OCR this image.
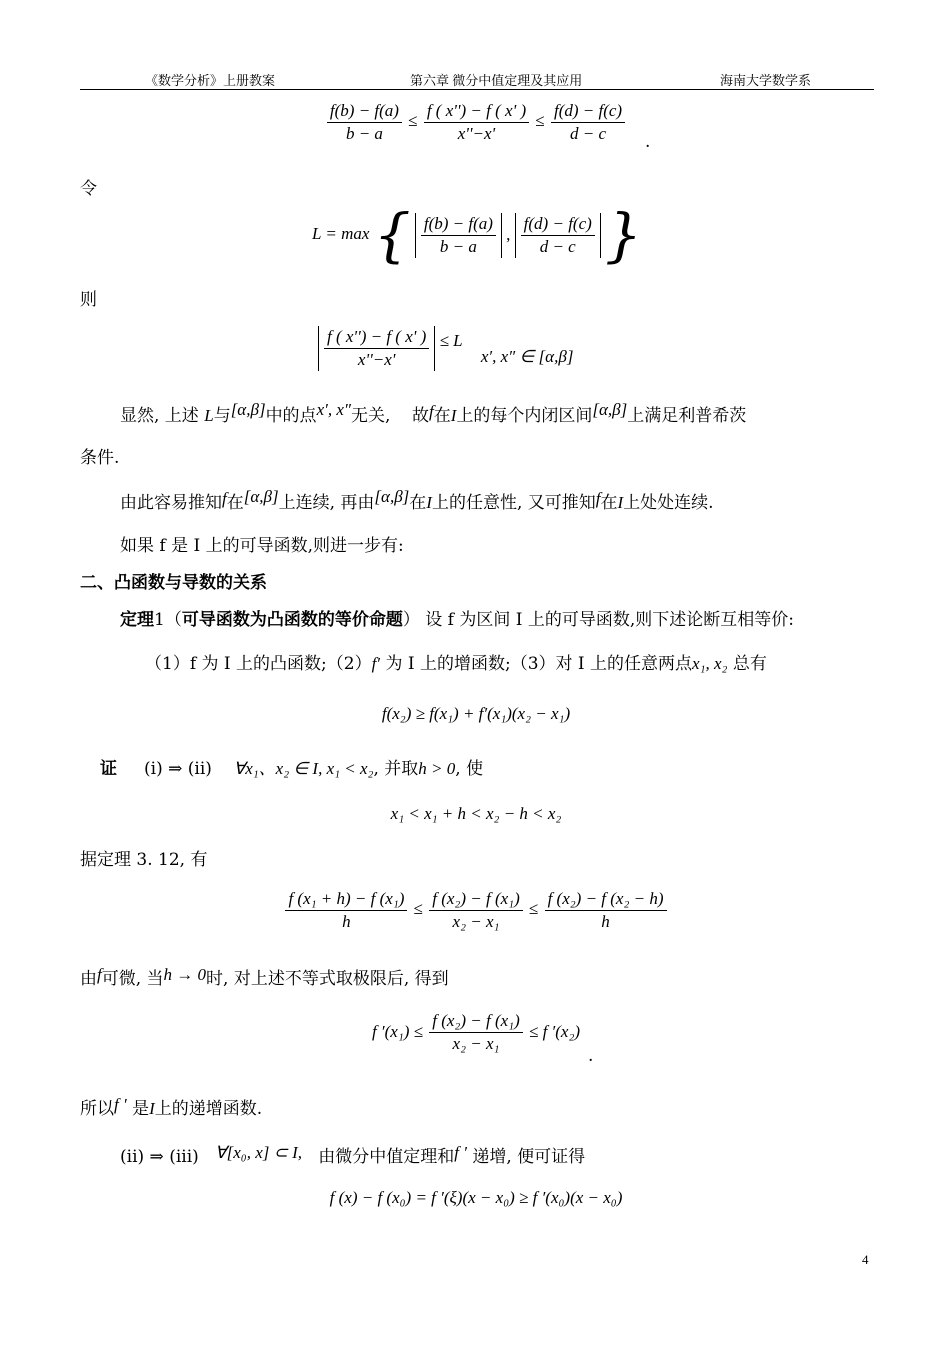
《数学分析》上册教案	第六章 微分中值定理及其应用	海南大学数学系
$\frac{f(b) - f(a)}{b - a} \le \frac{f ( x'') - f ( x' )}{x''-x'} \le \frac{f(d) - f(c)}{d - c}$ .
令
L = max { $\frac{f(b) - f(a)}{b - a}$ , $\frac{f(d) - f(c)}{d - c}$ }
则
$\frac{f ( x'') - f ( x' )}{x''-x'} \le L$ x′, x″ ∈ [α,β]
显然, 上述 L与[α,β]中的点x′, x″无关, 故f在I上的每个内闭区间[α,β]上满足利普希茨
条件.
由此容易推知f在[α,β]上连续, 再由[α,β]在I上的任意性, 又可推知f在I上处处连续.
如果 f 是 I 上的可导函数,则进一步有:
二、凸函数与导数的关系
定理1（可导函数为凸函数的等价命题） 设 f 为区间 I 上的可导函数,则下述论断互相等价:
（1）f 为 I 上的凸函数;（2）f′ 为 I 上的增函数;（3）对 I 上的任意两点x₁, x₂ 总有
f(x₂) ≥ f(x₁) + f′(x₁)(x₂ − x₁)
证 (i) ⇒ (ii) ∀x₁、x₂ ∈ I, x₁ < x₂, 并取h > 0, 使
x₁ < x₁ + h < x₂ − h < x₂
据定理 3. 12, 有
$\frac{\text{f (x₁ + h) − f (x₁)}}{h} \le \frac{\text{f (x₂) − f (x₁)}}{\text{x₂ − x₁}} \le \frac{\text{f (x₂) − f (x₂ − h)}}{h}$
由f可微, 当h → 0时, 对上述不等式取极限后, 得到
f $'(x_1) \le \frac{\text{f (x₂) − f (x₁)}}{\text{x₂ − x₁}} \le f$ ′(x₂)
.
所以f ′ 是I上的递增函数.
(ii) ⇒ (iii) ∀[x₀, x] ⊂ I, 由微分中值定理和f ′ 递增, 便可证得
f (x) − f (x₀) = f ′(ξ)(x − x₀) ≥ f ′(x₀)(x − x₀)
4
